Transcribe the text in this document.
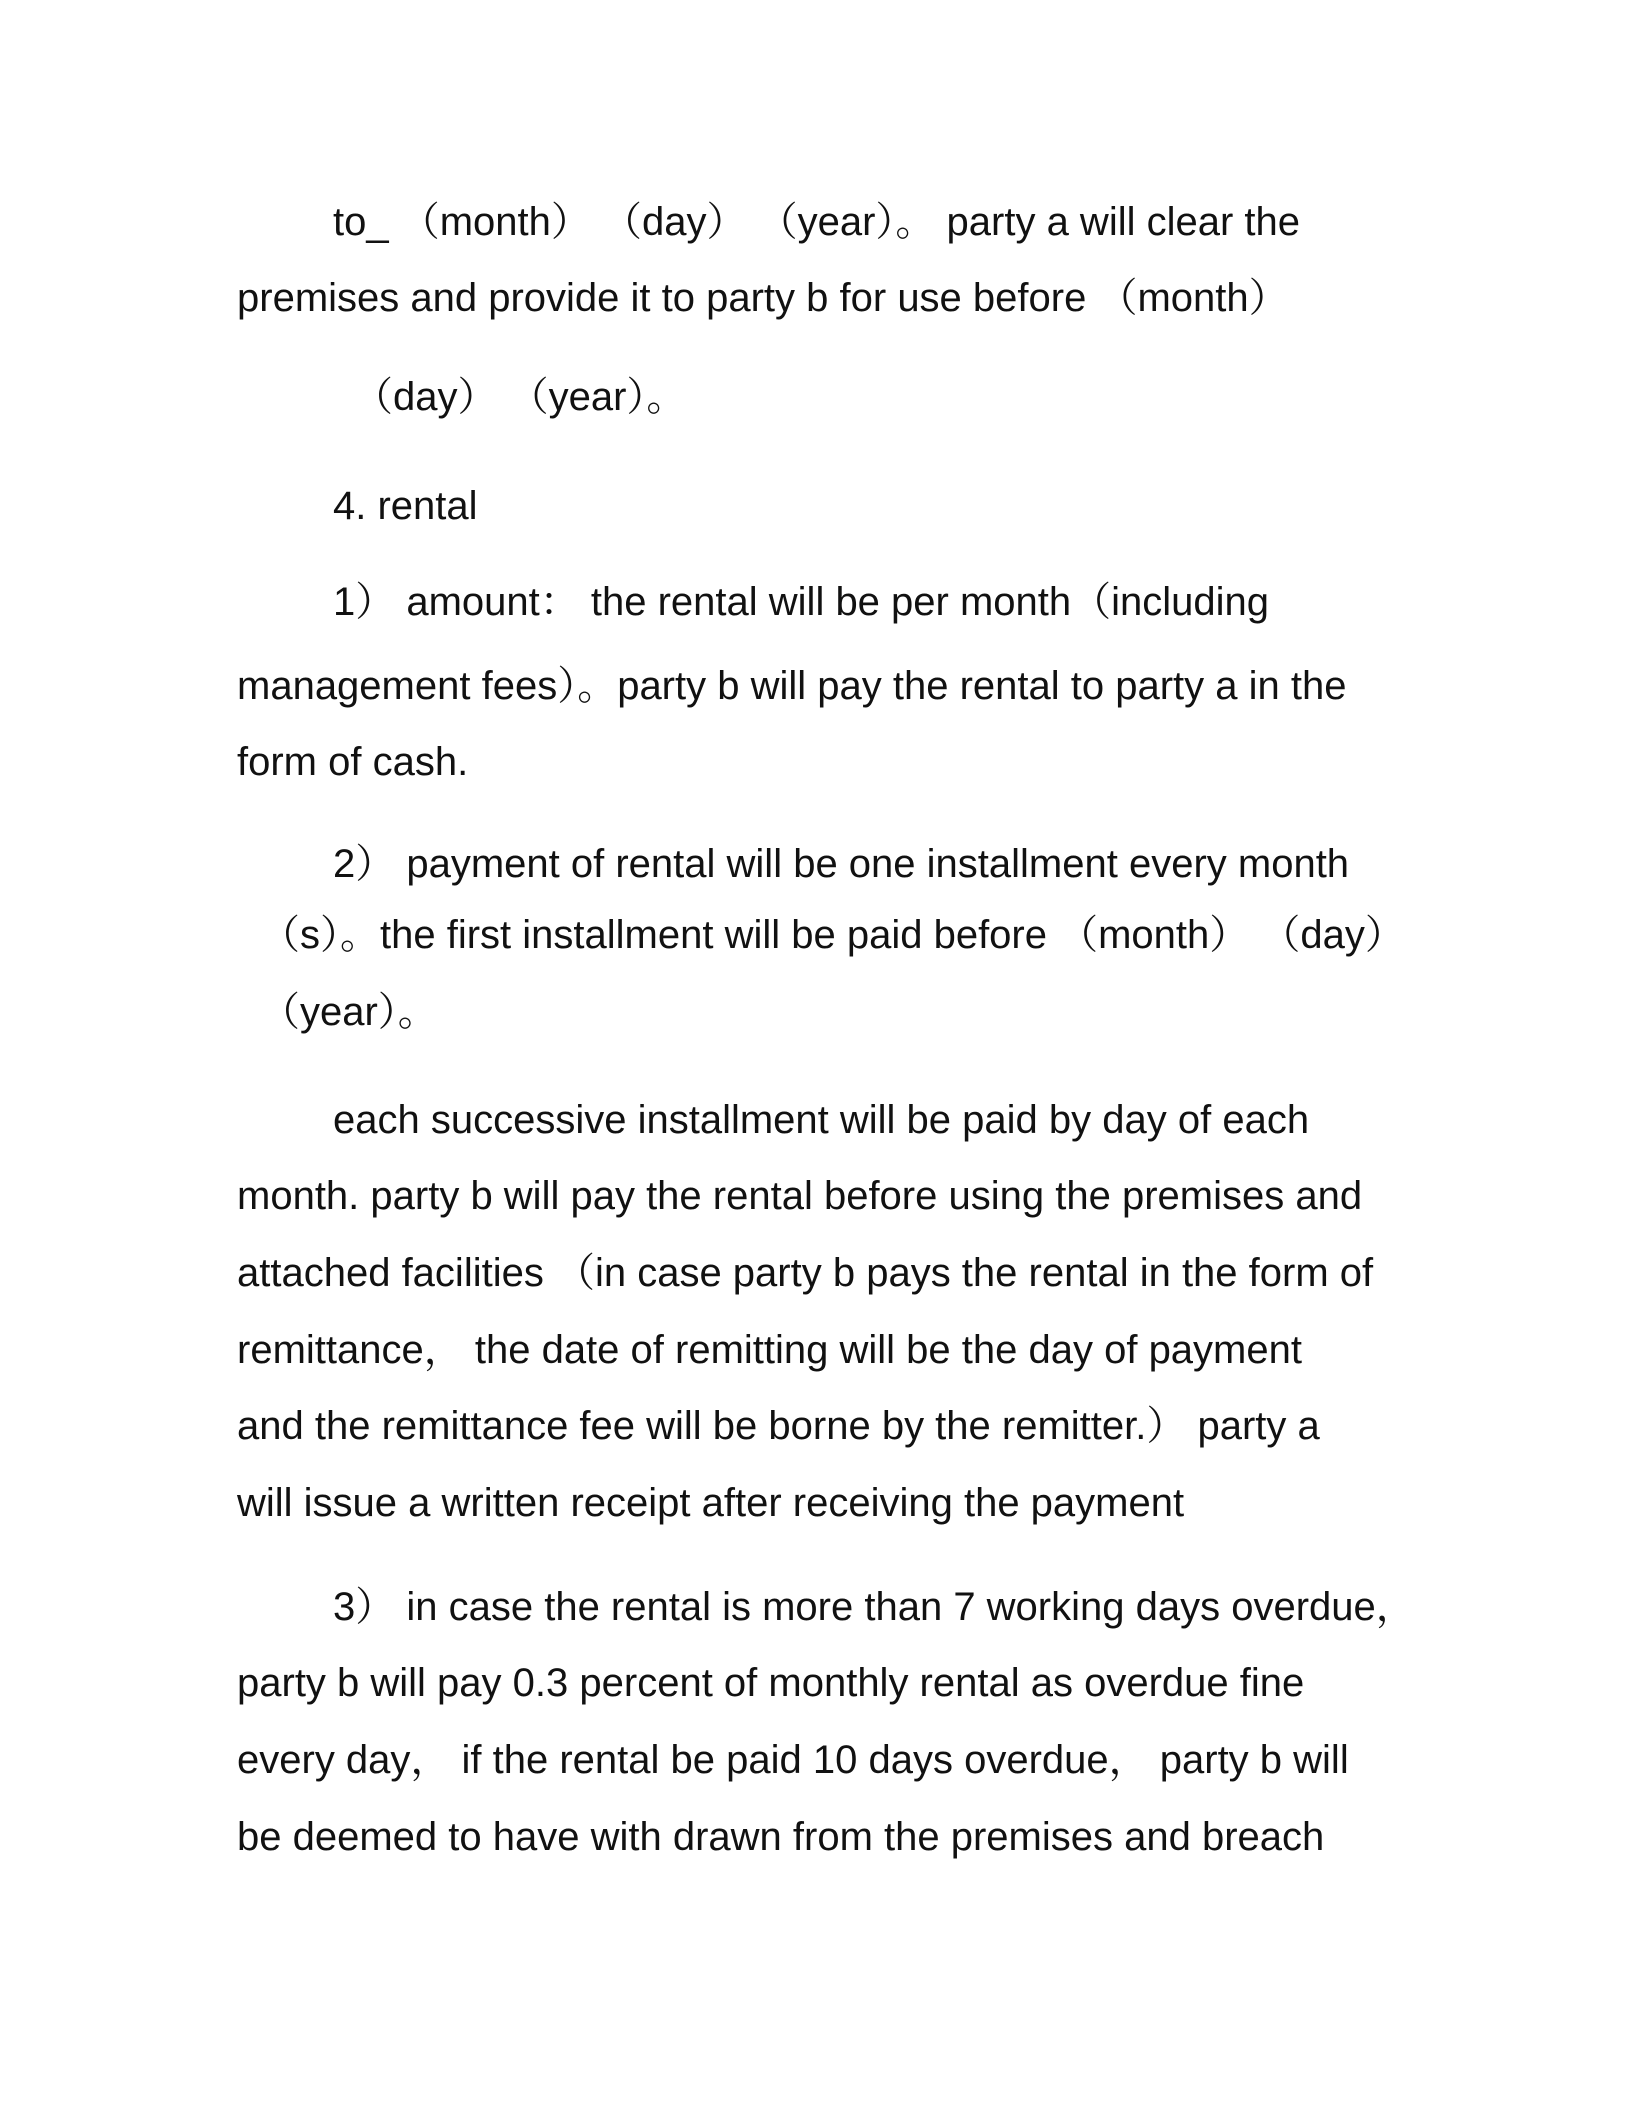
to_ （month） （day） （year）。 party a will clear the
premises and provide it to party b for use before （month）
（day） （year）。
4. rental
1） amount： the rental will be per month（including
management fees）。party b will pay the rental to party a in the
form of cash.
2） payment of rental will be one installment every month
（s）。the first installment will be paid before （month） （day）
（year）。
each successive installment will be paid by day of each
month. party b will pay the rental before using the premises and
attached facilities （in case party b pays the rental in the form of
remittance， the date of remitting will be the day of payment
and the remittance fee will be borne by the remitter.） party a
will issue a written receipt after receiving the payment
3） in case the rental is more than 7 working days overdue，
party b will pay 0.3 percent of monthly rental as overdue fine
every day， if the rental be paid 10 days overdue， party b will
be deemed to have with drawn from the premises and breach
